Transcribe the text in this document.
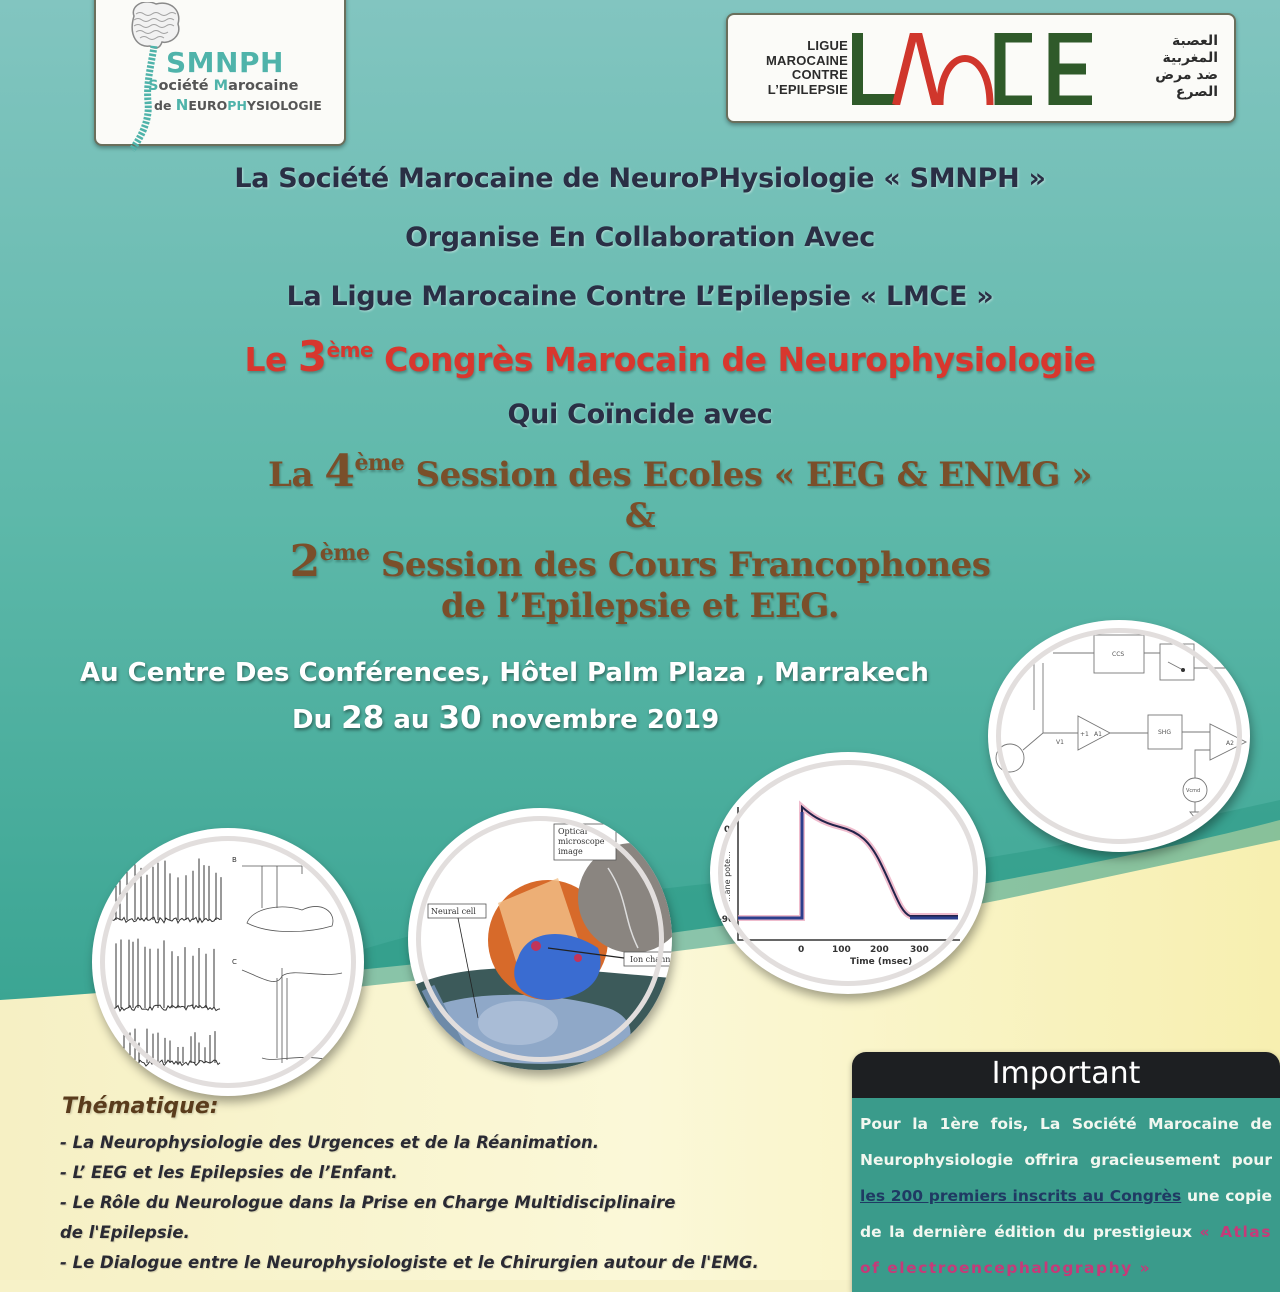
SMNPH
Société Marocaine
de NEUROPHYSIOLOGIE
LIGUE
MAROCAINE
CONTRE
L’EPILEPSIE
العصبة
المغربية
ضد مرض
الصرع
La Société Marocaine de NeuroPHysiologie « SMNPH »
Organise En Collaboration Avec
La Ligue Marocaine Contre L’Epilepsie « LMCE »
Le 3ème Congrès Marocain de Neurophysiologie
Qui Coïncide avec
La 4ème Session des Ecoles « EEG & ENMG »
&
2ème Session des Cours Francophones
de l’Epilepsie et EEG.
Au Centre Des Conférences, Hôtel Palm Plaza , Marrakech
Du 28 au 30 novembre 2019
B
C
Optical
microscope
image
Neural cell
Ion chann
0
-90
0	100 200 300
Time (msec)
...ane pote...
CCS
A1	SHG
A2
Vcmd
V1
+1
Thématique:
- La Neurophysiologie des Urgences et de la Réanimation.
- L’ EEG et les Epilepsies de l’Enfant.
- Le Rôle du Neurologue dans la Prise en Charge Multidisciplinaire
de l'Epilepsie.
- Le Dialogue entre le Neurophysiologiste et le Chirurgien autour de l'EMG.
Important
Pour la 1ère fois, La Société Marocaine de Neurophysiologie offrira gracieusement pour les 200 premiers inscrits au Congrès une copie de la dernière édition du prestigieux « Atlas of electroencephalography »
